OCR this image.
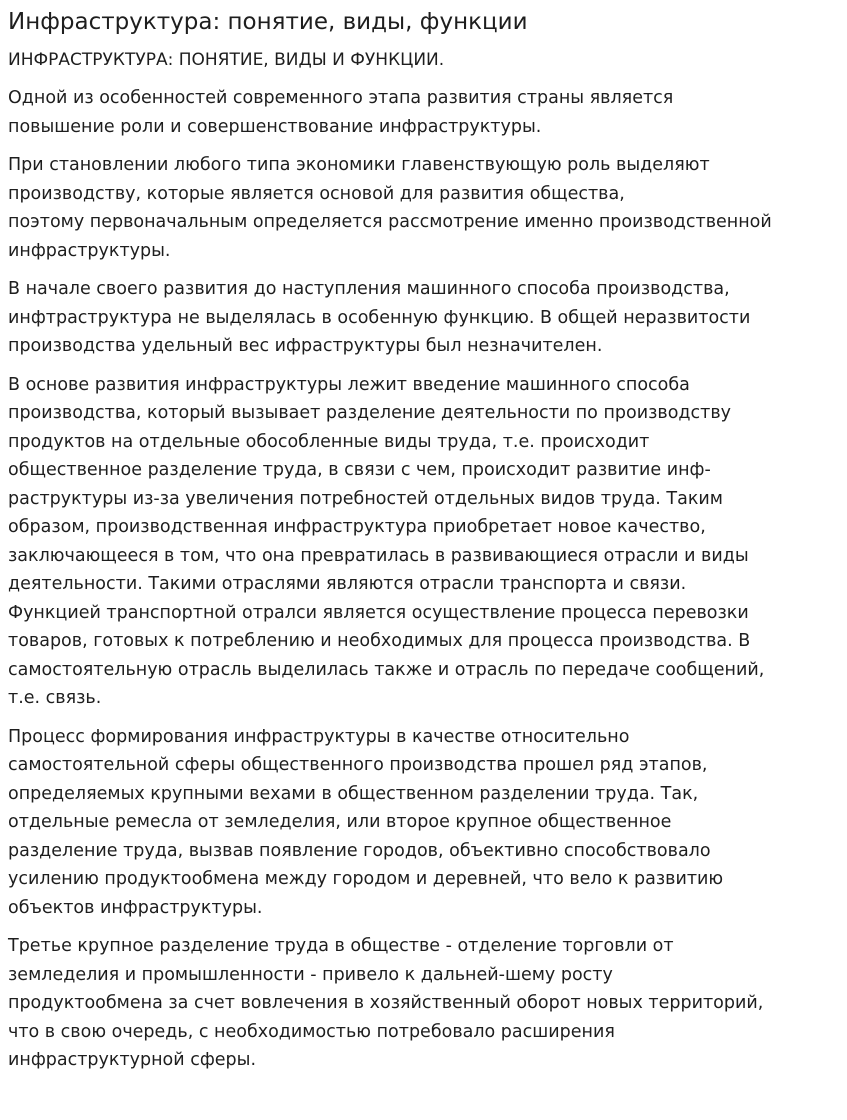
Инфраструктура: понятие, виды, функции
ИНФРАСТРУКТУРА: ПОНЯТИЕ, ВИДЫ И ФУНКЦИИ.

Одной из особенностей современного этапа развития страны является
повышение роли и совершенствование инфраструктуры.

При становлении любого типа экономики главенствующую роль выделяют
производству, которые является основой для развития общества,
поэтому первоначальным определяется рассмотрение именно производственной
инфраструктуры.

В начале своего развития до наступления машинного способа производства,
инфтраструктура не выделялась в особенную функцию. В общей неразвитости
производства удельный вес ифраструктуры был незначителен.

В основе развития инфраструктуры лежит введение машинного способа
производства, который вызывает разделение деятельности по производству
продуктов на отдельные обособленные виды труда, т.е. происходит
общественное разделение труда, в связи с чем, происходит развитие инф-
раструктуры из-за увеличения потребностей отдельных видов труда. Таким
образом, производственная инфраструктура приобретает новое качество,
заключающееся в том, что она превратилась в развивающиеся отрасли и виды
деятельности. Такими отраслями являются отрасли транспорта и связи.
Функцией транспортной отралси является осуществление процесса перевозки
товаров, готовых к потреблению и необходимых для процесса производства. В
самостоятельную отрасль выделилась также и отрасль по передаче сообщений,
т.е. связь.

Процесс формирования инфраструктуры в качестве относительно
самостоятельной сферы общественного производства прошел ряд этапов,
определяемых крупными вехами в общественном разделении труда. Так,
отдельные ремесла от земледелия, или второе крупное общественное
разделение труда, вызвав появление городов, объективно способствовало
усилению продуктообмена между городом и деревней, что вело к развитию
объектов инфраструктуры.

Третье крупное разделение труда в обществе - отделение торговли от
земледелия и промышленности - привело к дальней-шему росту
продуктообмена за счет вовлечения в хозяйственный оборот новых территорий,
что в свою очередь, с необходимостью потребовало расширения
инфраструктурной сферы.
